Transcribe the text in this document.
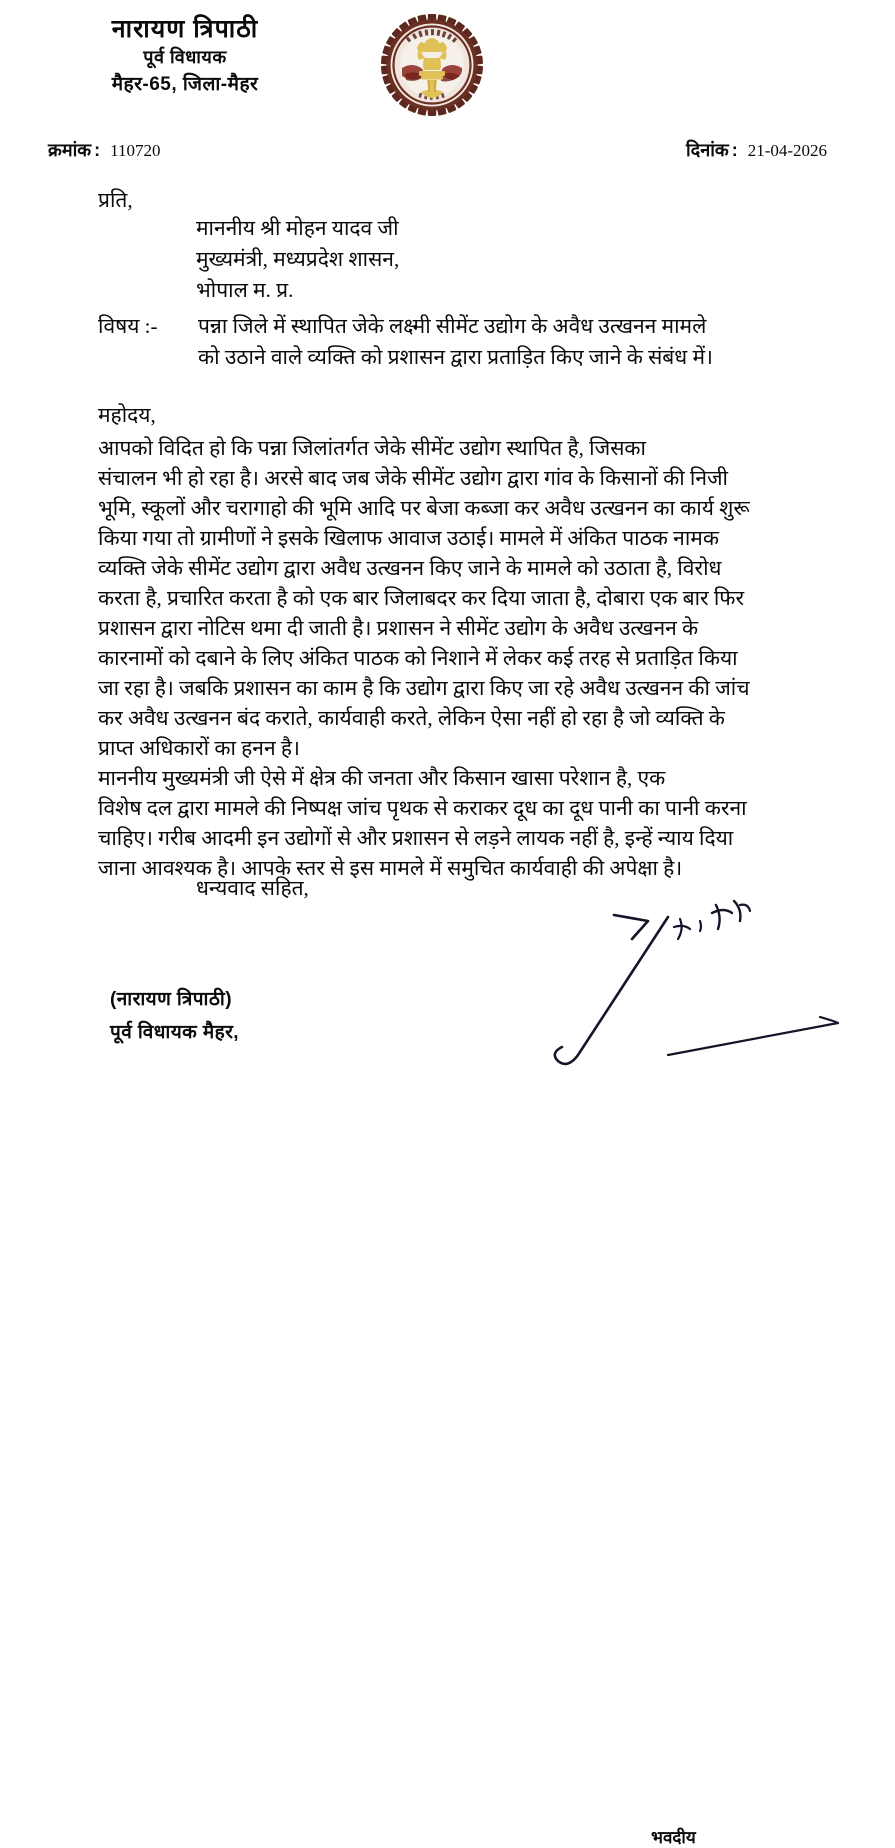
नारायण त्रिपाठी
पूर्व विधायक
मैहर-65, जिला-मैहर
क्रमांक : 110720	दिनांक : 21-04-2026
प्रति,
माननीय श्री मोहन यादव जी
मुख्यमंत्री, मध्यप्रदेश शासन,
भोपाल म. प्र.
विषय :- पन्ना जिले में स्थापित जेके लक्ष्मी सीमेंट उद्योग के अवैध उत्खनन मामले
को उठाने वाले व्यक्ति को प्रशासन द्वारा प्रताड़ित किए जाने के संबंध में।
महोदय,
आपको विदित हो कि पन्ना जिलांतर्गत जेके सीमेंट उद्योग स्थापित है, जिसका
संचालन भी हो रहा है। अरसे बाद जब जेके सीमेंट उद्योग द्वारा गांव के किसानों की निजी
भूमि, स्कूलों और चरागाहो की भूमि आदि पर बेजा कब्जा कर अवैध उत्खनन का कार्य शुरू
किया गया तो ग्रामीणों ने इसके खिलाफ आवाज उठाई। मामले में अंकित पाठक नामक
व्यक्ति जेके सीमेंट उद्योग द्वारा अवैध उत्खनन किए जाने के मामले को उठाता है, विरोध
करता है, प्रचारित करता है को एक बार जिलाबदर कर दिया जाता है, दोबारा एक बार फिर
प्रशासन द्वारा नोटिस थमा दी जाती है। प्रशासन ने सीमेंट उद्योग के अवैध उत्खनन के
कारनामों को दबाने के लिए अंकित पाठक को निशाने में लेकर कई तरह से प्रताड़ित किया
जा रहा है। जबकि प्रशासन का काम है कि उद्योग द्वारा किए जा रहे अवैध उत्खनन की जांच
कर अवैध उत्खनन बंद कराते, कार्यवाही करते, लेकिन ऐसा नहीं हो रहा है जो व्यक्ति के
प्राप्त अधिकारों का हनन है।
माननीय मुख्यमंत्री जी ऐसे में क्षेत्र की जनता और किसान खासा परेशान है, एक
विशेष दल द्वारा मामले की निष्पक्ष जांच पृथक से कराकर दूध का दूध पानी का पानी करना
चाहिए। गरीब आदमी इन उद्योगों से और प्रशासन से लड़ने लायक नहीं है, इन्हें न्याय दिया
जाना आवश्यक है। आपके स्तर से इस मामले में समुचित कार्यवाही की अपेक्षा है।
धन्यवाद सहित,
भवदीय
(नारायण त्रिपाठी)
पूर्व विधायक मैहर,
